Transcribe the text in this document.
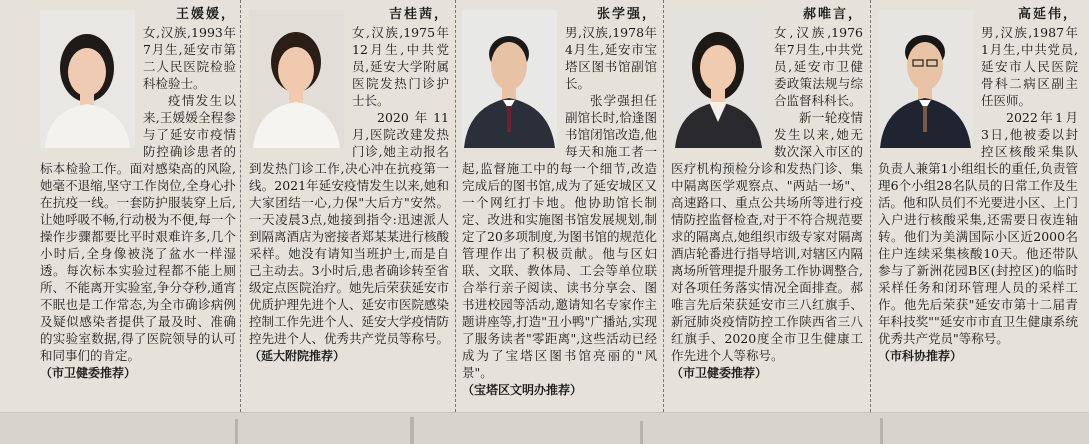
王媛媛，
女,汉族,1993年7月生,延安市第二人民医院检验科检验士。
疫情发生以来,王媛媛全程参与了延安市疫情防控确诊患者的标本检验工作。面对感染高的风险,她毫不退缩,坚守工作岗位,全身心扑在抗疫一线。一套防护服装穿上后,让她呼吸不畅,行动极为不便,每一个操作步骤都要比平时艰难许多,几个小时后,全身像被浇了盆水一样湿透。每次标本实验过程都不能上厕所、不能离开实验室,争分夺秒,通宵不眠也是工作常态,为全市确诊病例及疑似感染者提供了最及时、准确的实验室数据,得了医院领导的认可和同事们的肯定。
（市卫健委推荐）
吉桂茜，
女,汉族,1975年12月生,中共党员,延安大学附属医院发热门诊护士长。
2020年11月,医院改建发热门诊,她主动报名到发热门诊工作,决心冲在抗疫第一线。2021年延安疫情发生以来,她和大家团结一心,力保"大后方"安然。一天凌晨3点,她接到指令:迅速派人到隔离酒店为密接者郑某某进行核酸采样。她没有请知当班护士,而是自己主动去。3小时后,患者确诊转至省级定点医院治疗。她先后荣获延安市优质护理先进个人、延安市医院感染控制工作先进个人、延安大学疫情防控先进个人、优秀共产党员等称号。
（延大附院推荐）
张学强，
男,汉族,1978年4月生,延安市宝塔区图书馆副馆长。
张学强担任副馆长时,恰逢图书馆闭馆改造,他每天和施工者一起,监督施工中的每一个细节,改造完成后的图书馆,成为了延安城区又一个网红打卡地。他协助馆长制定、改进和实施图书馆发展规划,制定了20多项制度,为图书馆的规范化管理作出了积极贡献。他与区妇联、文联、教体局、工会等单位联合举行亲子阅读、读书分享会、图书进校园等活动,邀请知名专家作主题讲座等,打造"丑小鸭"广播站,实现了服务读者"零距离",这些活动已经成为了宝塔区图书馆亮丽的"风景"。
（宝塔区文明办推荐）
郝唯言，
女,汉族,1976年7月生,中共党员,延安市卫健委政策法规与综合监督科科长。
新一轮疫情发生以来,她无数次深入市区的医疗机构预检分诊和发热门诊、集中隔离医学观察点、"两站一场"、高速路口、重点公共场所等进行疫情防控监督检查,对于不符合规范要求的隔离点,她组织市级专家对隔离酒店轮番进行指导培训,对辖区内隔离场所管理提升服务工作协调整合,对各项任务落实情况全面排查。郝唯言先后荣获延安市三八红旗手、新冠肺炎疫情防控工作陕西省三八红旗手、2020度全市卫生健康工作先进个人等称号。
（市卫健委推荐）
高延伟，
男,汉族,1987年1月生,中共党员,延安市人民医院骨科二病区副主任医师。
2022年1月3日,他被委以封控区核酸采集队负责人兼第1小组组长的重任,负责管理6个小组28名队员的日常工作及生活。他和队员们不光要进小区、上门入户进行核酸采集,还需要日夜连轴转。他们为美满国际小区近2000名住户连续采集核酸10天。他还带队参与了新洲花园B区(封控区)的临时采样任务和闭环管理人员的采样工作。他先后荣获"延安市第十二届青年科技奖""延安市市直卫生健康系统优秀共产党员"等称号。
（市科协推荐）
